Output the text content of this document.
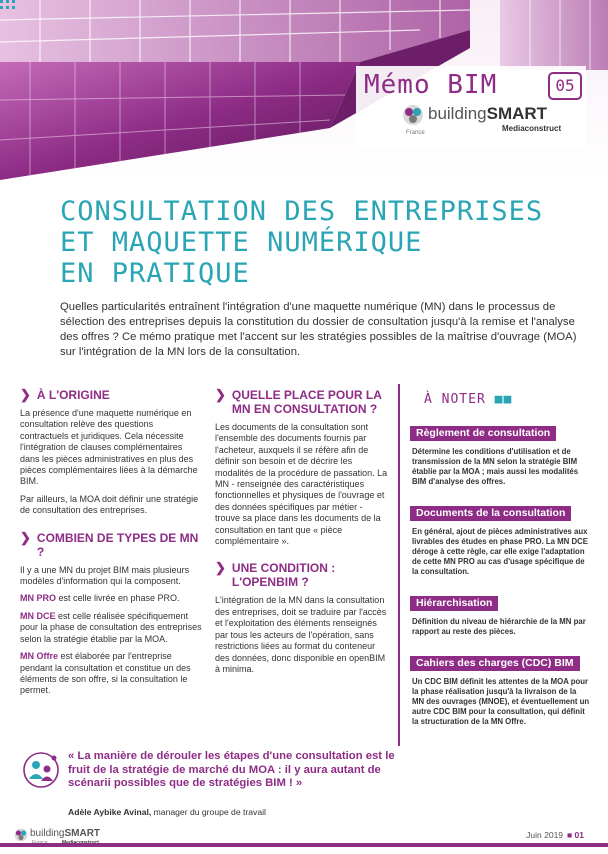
Mémo BIM	05
buildingSMART
France	Mediaconstruct
CONSULTATION DES ENTREPRISES
ET MAQUETTE NUMÉRIQUE
EN PRATIQUE
Quelles particularités entraînent l'intégration d'une maquette numérique (MN) dans le processus de sélection des entreprises depuis la constitution du dossier de consultation jusqu'à la remise et l'analyse des offres ? Ce mémo pratique met l'accent sur les stratégies possibles de la maîtrise d'ouvrage (MOA) sur l'intégration de la MN lors de la consultation.
❯ À L'ORIGINE

La présence d'une maquette numérique en consultation relève des questions contractuels et juridiques. Cela nécessite l'intégration de clauses complémentaires dans les pièces administratives en plus des pièces complémentaires liées à la démarche BIM.

Par ailleurs, la MOA doit définir une stratégie de consultation des entreprises.

❯ COMBIEN DE TYPES DE MN ?

Il y a une MN du projet BIM mais plusieurs modèles d'information qui la composent.

MN PRO est celle livrée en phase PRO.

MN DCE est celle réalisée spécifiquement pour la phase de consultation des entreprises selon la stratégie établie par la MOA.

MN Offre est élaborée par l'entreprise pendant la consultation et constitue un des éléments de son offre, si la consultation le permet.

❯ QUELLE PLACE POUR LA MN EN CONSULTATION ?

Les documents de la consultation sont l'ensemble des documents fournis par l'acheteur, auxquels il se réfère afin de définir son besoin et de décrire les modalités de la procédure de passation. La MN - renseignée des caractéristiques fonctionnelles et physiques de l'ouvrage et des données spécifiques par métier - trouve sa place dans les documents de la consultation en tant que « pièce complémentaire ».

❯ UNE CONDITION : L'OPENBIM ?

L'intégration de la MN dans la consultation des entreprises, doit se traduire par l'accès et l'exploitation des éléments renseignés par tous les acteurs de l'opération, sans restrictions liées au format du conteneur des données, donc disponible en openBIM à minima.

À NOTER ■■
Règlement de consultation
Détermine les conditions d'utilisation et de transmission de la MN selon la stratégie BIM établie par la MOA ; mais aussi les modalités BIM d'analyse des offres.
Documents de la consultation
En général, ajout de pièces administratives aux livrables des études en phase PRO. La MN DCE déroge à cette règle, car elle exige l'adaptation de cette MN PRO au cas d'usage spécifique de la consultation.
Hiérarchisation
Définition du niveau de hiérarchie de la MN par rapport au reste des pièces.
Cahiers des charges (CDC) BIM
Un CDC BIM définit les attentes de la MOA pour la phase réalisation jusqu'à la livraison de la MN des ouvrages (MNOE), et éventuellement un autre CDC BIM pour la consultation, qui définit la structuration de la MN Offre.
« La manière de dérouler les étapes d'une consultation est le fruit de la stratégie de marché du MOA : il y aura autant de scénarii possibles que de stratégies BIM ! »
Adèle Aybike Avinal, manager du groupe de travail
buildingSMART	Juin 2019 ■ 01
